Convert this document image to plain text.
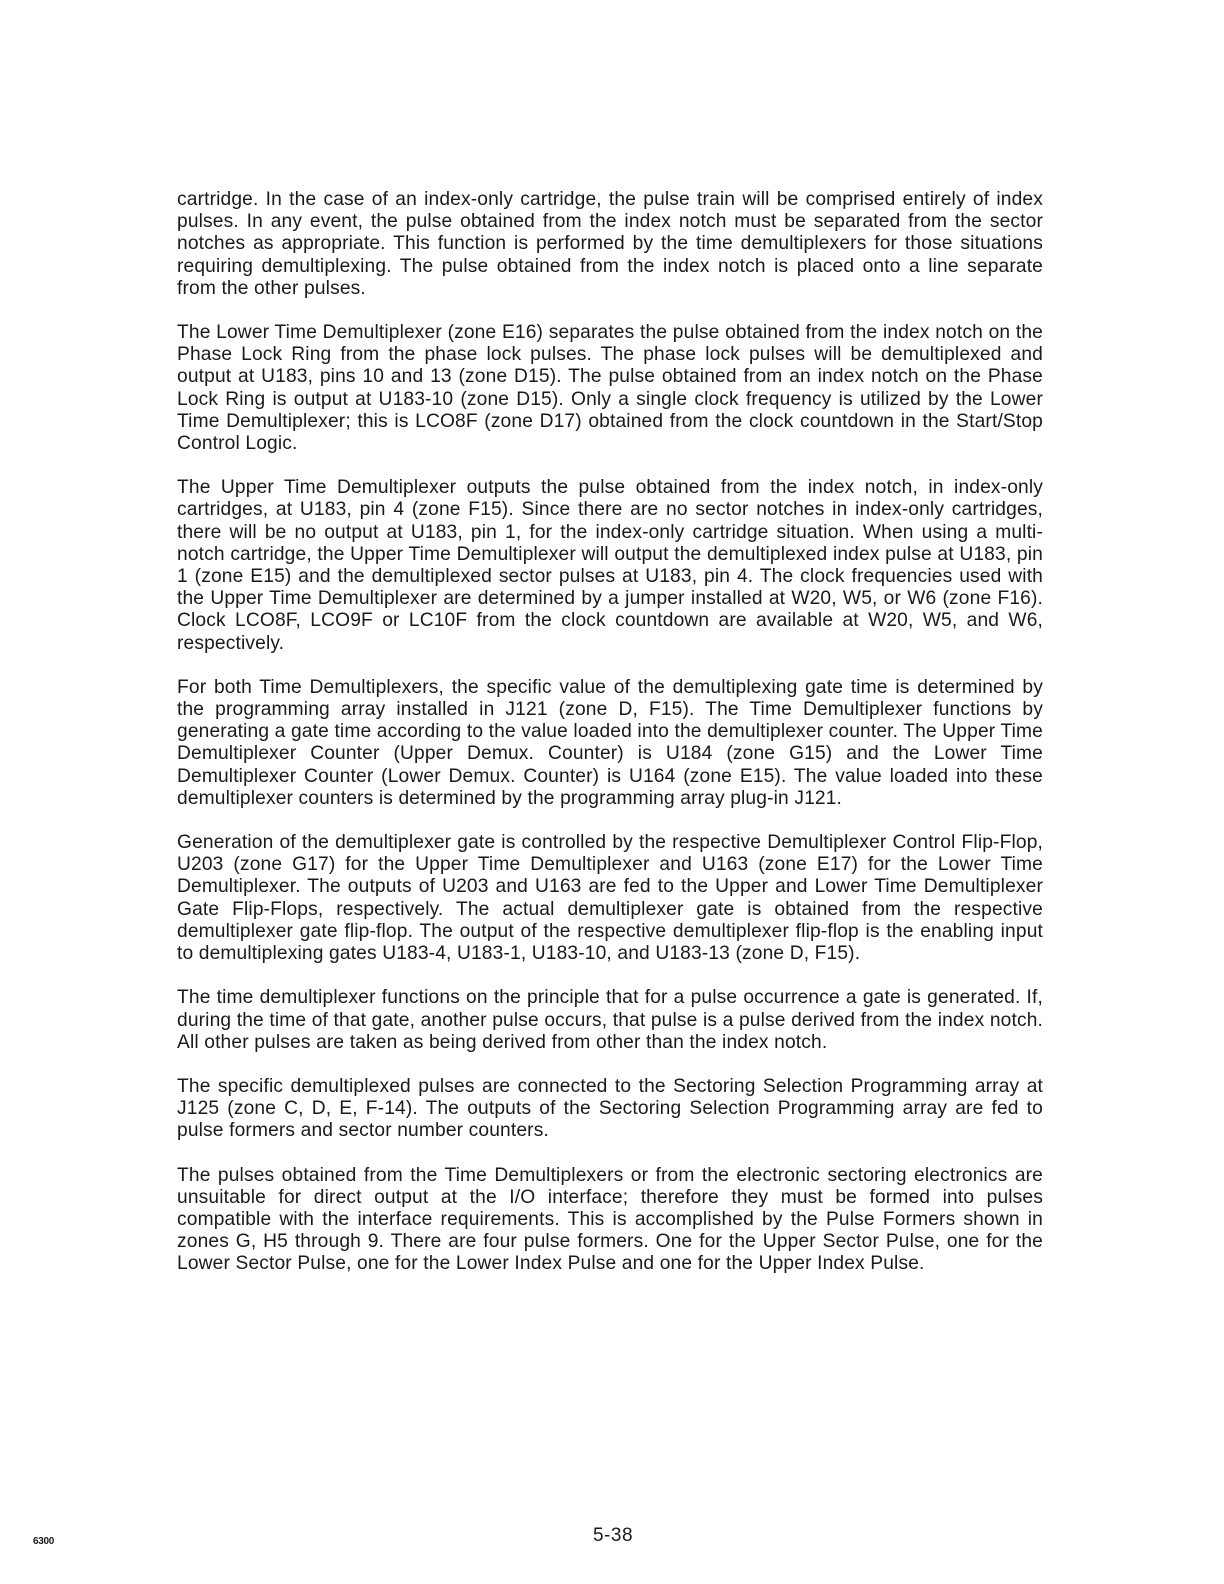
cartridge. In the case of an index-only cartridge, the pulse train will be comprised entirely of index pulses. In any event, the pulse obtained from the index notch must be separated from the sector notches as appropriate. This function is performed by the time demultiplexers for those situations requiring demultiplexing. The pulse obtained from the index notch is placed onto a line separate from the other pulses.

The Lower Time Demultiplexer (zone E16) separates the pulse obtained from the index notch on the Phase Lock Ring from the phase lock pulses. The phase lock pulses will be demultiplexed and output at U183, pins 10 and 13 (zone D15). The pulse obtained from an index notch on the Phase Lock Ring is output at U183-10 (zone D15). Only a single clock frequency is utilized by the Lower Time Demultiplexer; this is LCO8F (zone D17) obtained from the clock countdown in the Start/Stop Control Logic.

The Upper Time Demultiplexer outputs the pulse obtained from the index notch, in index-only cartridges, at U183, pin 4 (zone F15). Since there are no sector notches in index-only cartridges, there will be no output at U183, pin 1, for the index-only cartridge situation. When using a multi-notch cartridge, the Upper Time Demultiplexer will output the demultiplexed index pulse at U183, pin 1 (zone E15) and the demultiplexed sector pulses at U183, pin 4. The clock frequencies used with the Upper Time Demultiplexer are determined by a jumper installed at W20, W5, or W6 (zone F16). Clock LCO8F, LCO9F or LC10F from the clock countdown are available at W20, W5, and W6, respectively.

For both Time Demultiplexers, the specific value of the demultiplexing gate time is determined by the programming array installed in J121 (zone D, F15). The Time Demultiplexer functions by generating a gate time according to the value loaded into the demultiplexer counter. The Upper Time Demultiplexer Counter (Upper Demux. Counter) is U184 (zone G15) and the Lower Time Demultiplexer Counter (Lower Demux. Counter) is U164 (zone E15). The value loaded into these demultiplexer counters is determined by the programming array plug-in J121.

Generation of the demultiplexer gate is controlled by the respective Demultiplexer Control Flip-Flop, U203 (zone G17) for the Upper Time Demultiplexer and U163 (zone E17) for the Lower Time Demultiplexer. The outputs of U203 and U163 are fed to the Upper and Lower Time Demultiplexer Gate Flip-Flops, respectively. The actual demultiplexer gate is obtained from the respective demultiplexer gate flip-flop. The output of the respective demultiplexer flip-flop is the enabling input to demultiplexing gates U183-4, U183-1, U183-10, and U183-13 (zone D, F15).

The time demultiplexer functions on the principle that for a pulse occurrence a gate is generated. If, during the time of that gate, another pulse occurs, that pulse is a pulse derived from the index notch. All other pulses are taken as being derived from other than the index notch.

The specific demultiplexed pulses are connected to the Sectoring Selection Programming array at J125 (zone C, D, E, F-14). The outputs of the Sectoring Selection Programming array are fed to pulse formers and sector number counters.

The pulses obtained from the Time Demultiplexers or from the electronic sectoring electronics are unsuitable for direct output at the I/O interface; therefore they must be formed into pulses compatible with the interface requirements. This is accomplished by the Pulse Formers shown in zones G, H5 through 9. There are four pulse formers. One for the Upper Sector Pulse, one for the Lower Sector Pulse, one for the Lower Index Pulse and one for the Upper Index Pulse.

6300	5-38
